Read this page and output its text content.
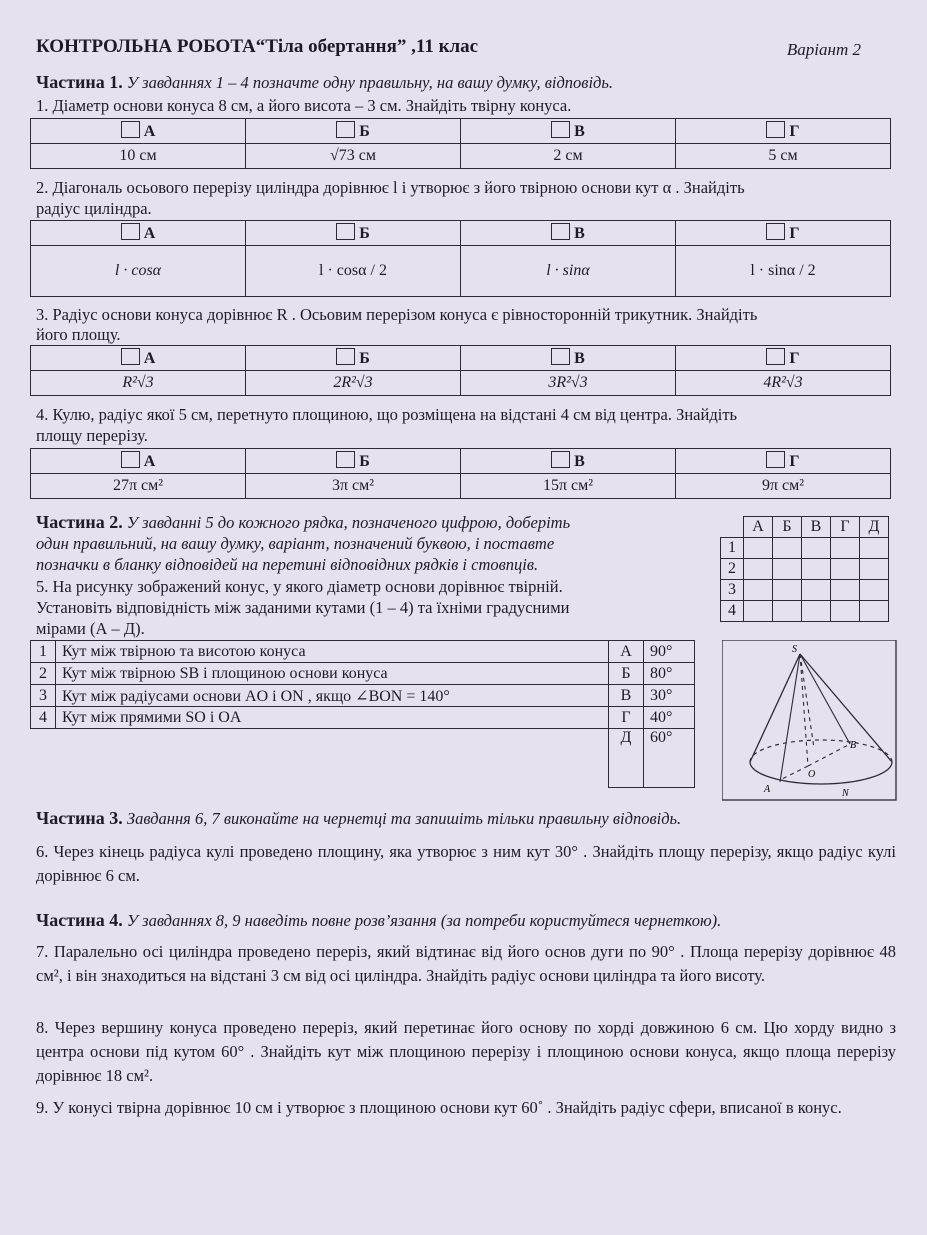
КОНТРОЛЬНА РОБОТА“Тіла обертання” ,11 клас	Варіант 2
Частина 1. У завданнях 1 – 4 позначте одну правильну, на вашу думку, відповідь.
1. Діаметр основи конуса 8 см, а його висота – 3 см. Знайдіть твірну конуса.
А	Б	В	Г
10 см	√73 см	2 см	5 см
2. Діагональ осьового перерізу циліндра дорівнює l і утворює з його твірною основи кут α . Знайдіть
радіус циліндра.
А	Б	В	Г
l · cosα	l · cosα / 2	l · sinα	l · sinα / 2
3. Радіус основи конуса дорівнює R . Осьовим перерізом конуса є рівносторонній трикутник. Знайдіть
його площу.
А	Б	В	Г
R²√3	2R²√3	3R²√3	4R²√3
4. Кулю, радіус якої 5 см, перетнуто площиною, що розміщена на відстані 4 см від центра. Знайдіть
площу перерізу.
А	Б	В	Г
27π см²	3π см²	15π см²	9π см²
Частина 2. У завданні 5 до кожного рядка, позначеного цифрою, доберіть
один правильний, на вашу думку, варіант, позначений буквою, і поставте
позначки в бланку відповідей на перетині відповідних рядків і стовпців.
5. На рисунку зображений конус, у якого діаметр основи дорівнює твірній.
Установіть відповідність між заданими кутами (1 – 4) та їхніми градусними
мірами (А – Д).
	А	Б	В	Г	Д
1					
2					
3					
4					
1	Кут між твірною та висотою конуса	А	90°
2	Кут між твірною SB і площиною основи конуса	Б	80°
3	Кут між радіусами основи AO і ON , якщо ∠BON = 140°	В	30°
4	Кут між прямими SO і OA	Г	40°
		Д	60°
S
B
O
A	N
Частина 3. Завдання 6, 7 виконайте на чернетці та запишіть тільки правильну відповідь.
6. Через кінець радіуса кулі проведено площину, яка утворює з ним кут 30° . Знайдіть площу перерізу, якщо радіус кулі дорівнює 6 см.
Частина 4. У завданнях 8, 9 наведіть повне розв’язання (за потреби користуйтеся чернеткою).
7. Паралельно осі циліндра проведено переріз, який відтинає від його основ дуги по 90° . Площа перерізу дорівнює 48 см², і він знаходиться на відстані 3 см від осі циліндра. Знайдіть радіус основи циліндра та його висоту.
8. Через вершину конуса проведено переріз, який перетинає його основу по хорді довжиною 6 см. Цю хорду видно з центра основи під кутом 60° . Знайдіть кут між площиною перерізу і площиною основи конуса, якщо площа перерізу дорівнює 18 см².
9. У конусі твірна дорівнює 10 см і утворює з площиною основи кут 60˚ . Знайдіть радіус сфери, вписаної в конус.
